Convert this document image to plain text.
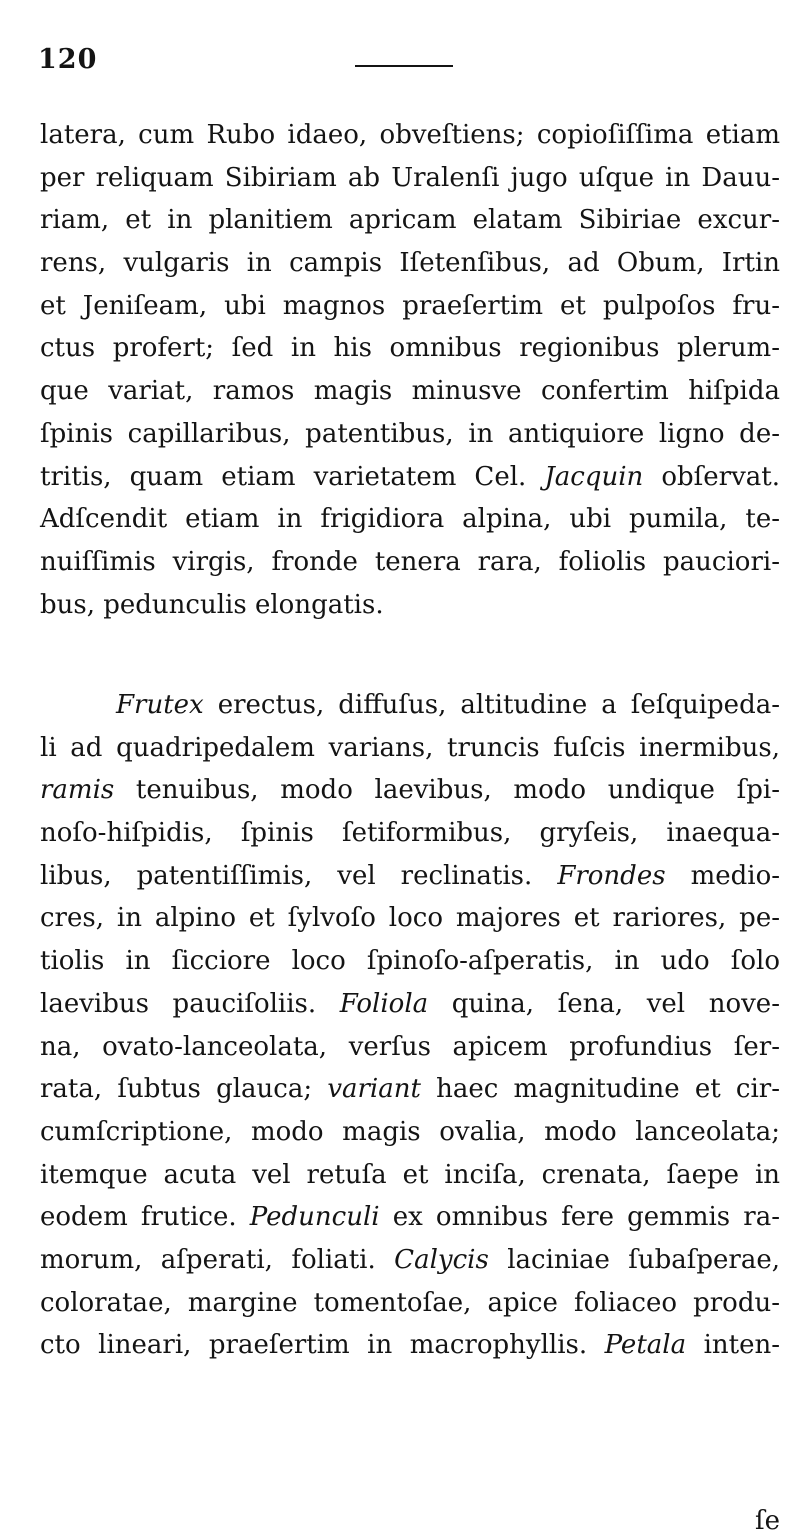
120
latera, cum Rubo idaeo, obveſtiens; copioſiſſima etiam
per reliquam Sibiriam ab Uralenſi jugo uſque in Dauu-
riam, et in planitiem apricam elatam Sibiriae excur-
rens, vulgaris in campis Iſetenſibus, ad Obum, Irtin
et Jeniſeam, ubi magnos praeſertim et pulpoſos fru-
ctus profert; ſed in his omnibus regionibus plerum-
que variat, ramos magis minusve confertim hiſpida
ſpinis capillaribus, patentibus, in antiquiore ligno de-
tritis, quam etiam varietatem Cel. Jacquin obſervat.
Adſcendit etiam in frigidiora alpina, ubi pumila, te-
nuiſſimis virgis, fronde tenera rara, foliolis pauciori-
bus, pedunculis elongatis.
Frutex erectus, diffuſus, altitudine a ſeſquipeda-
li ad quadripedalem varians, truncis fuſcis inermibus,
ramis tenuibus, modo laevibus, modo undique ſpi-
noſo-hiſpidis, ſpinis ſetiformibus, gryſeis, inaequa-
libus, patentiſſimis, vel reclinatis. Frondes medio-
cres, in alpino et ſylvoſo loco majores et rariores, pe-
tiolis in ſicciore loco ſpinoſo-aſperatis, in udo ſolo
laevibus pauciſoliis. Foliola quina, ſena, vel nove-
na, ovato-lanceolata, verſus apicem profundius ſer-
rata, ſubtus glauca; variant haec magnitudine et cir-
cumſcriptione, modo magis ovalia, modo lanceolata;
itemque acuta vel retuſa et inciſa, crenata, ſaepe in
eodem frutice. Pedunculi ex omnibus fere gemmis ra-
morum, aſperati, foliati. Calycis laciniae ſubaſperae,
coloratae, margine tomentoſae, apice foliaceo produ-
cto lineari, praeſertim in macrophyllis. Petala inten-
ſe
